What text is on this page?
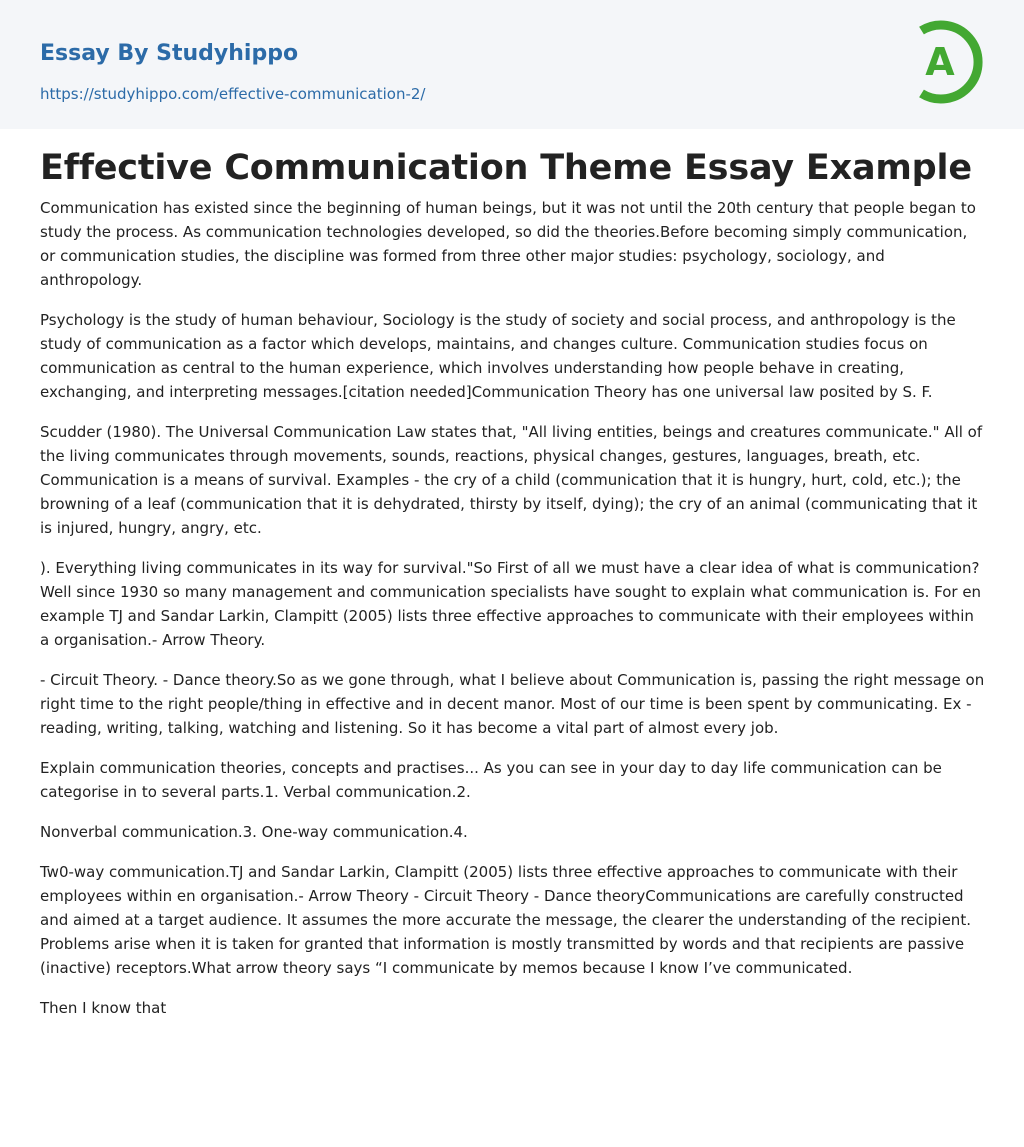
Essay By Studyhippo
https://studyhippo.com/effective-communication-2/
A
Effective Communication Theme Essay Example

Communication has existed since the beginning of human beings, but it was not until the 20th century that people began to study the process. As communication technologies developed, so did the theories.Before becoming simply communication, or communication studies, the discipline was formed from three other major studies: psychology, sociology, and anthropology.

Psychology is the study of human behaviour, Sociology is the study of society and social process, and anthropology is the study of communication as a factor which develops, maintains, and changes culture. Communication studies focus on communication as central to the human experience, which involves understanding how people behave in creating, exchanging, and interpreting messages.[citation needed]Communication Theory has one universal law posited by S. F.

Scudder (1980). The Universal Communication Law states that, "All living entities, beings and creatures communicate." All of the living communicates through movements, sounds, reactions, physical changes, gestures, languages, breath, etc. Communication is a means of survival. Examples - the cry of a child (communication that it is hungry, hurt, cold, etc.); the browning of a leaf (communication that it is dehydrated, thirsty by itself, dying); the cry of an animal (communicating that it is injured, hungry, angry, etc.

). Everything living communicates in its way for survival."So First of all we must have a clear idea of what is communication? Well since 1930 so many management and communication specialists have sought to explain what communication is. For en example TJ and Sandar Larkin, Clampitt (2005) lists three effective approaches to communicate with their employees within a organisation.- Arrow Theory.

- Circuit Theory. - Dance theory.So as we gone through, what I believe about Communication is, passing the right message on right time to the right people/thing in effective and in decent manor. Most of our time is been spent by communicating. Ex - reading, writing, talking, watching and listening. So it has become a vital part of almost every job.

Explain communication theories, concepts and practises... As you can see in your day to day life communication can be categorise in to several parts.1. Verbal communication.2.

Nonverbal communication.3. One-way communication.4.

Tw0-way communication.TJ and Sandar Larkin, Clampitt (2005) lists three effective approaches to communicate with their employees within en organisation.- Arrow Theory - Circuit Theory - Dance theoryCommunications are carefully constructed and aimed at a target audience. It assumes the more accurate the message, the clearer the understanding of the recipient. Problems arise when it is taken for granted that information is mostly transmitted by words and that recipients are passive (inactive) receptors.What arrow theory says “I communicate by memos because I know I’ve communicated.

Then I know that
